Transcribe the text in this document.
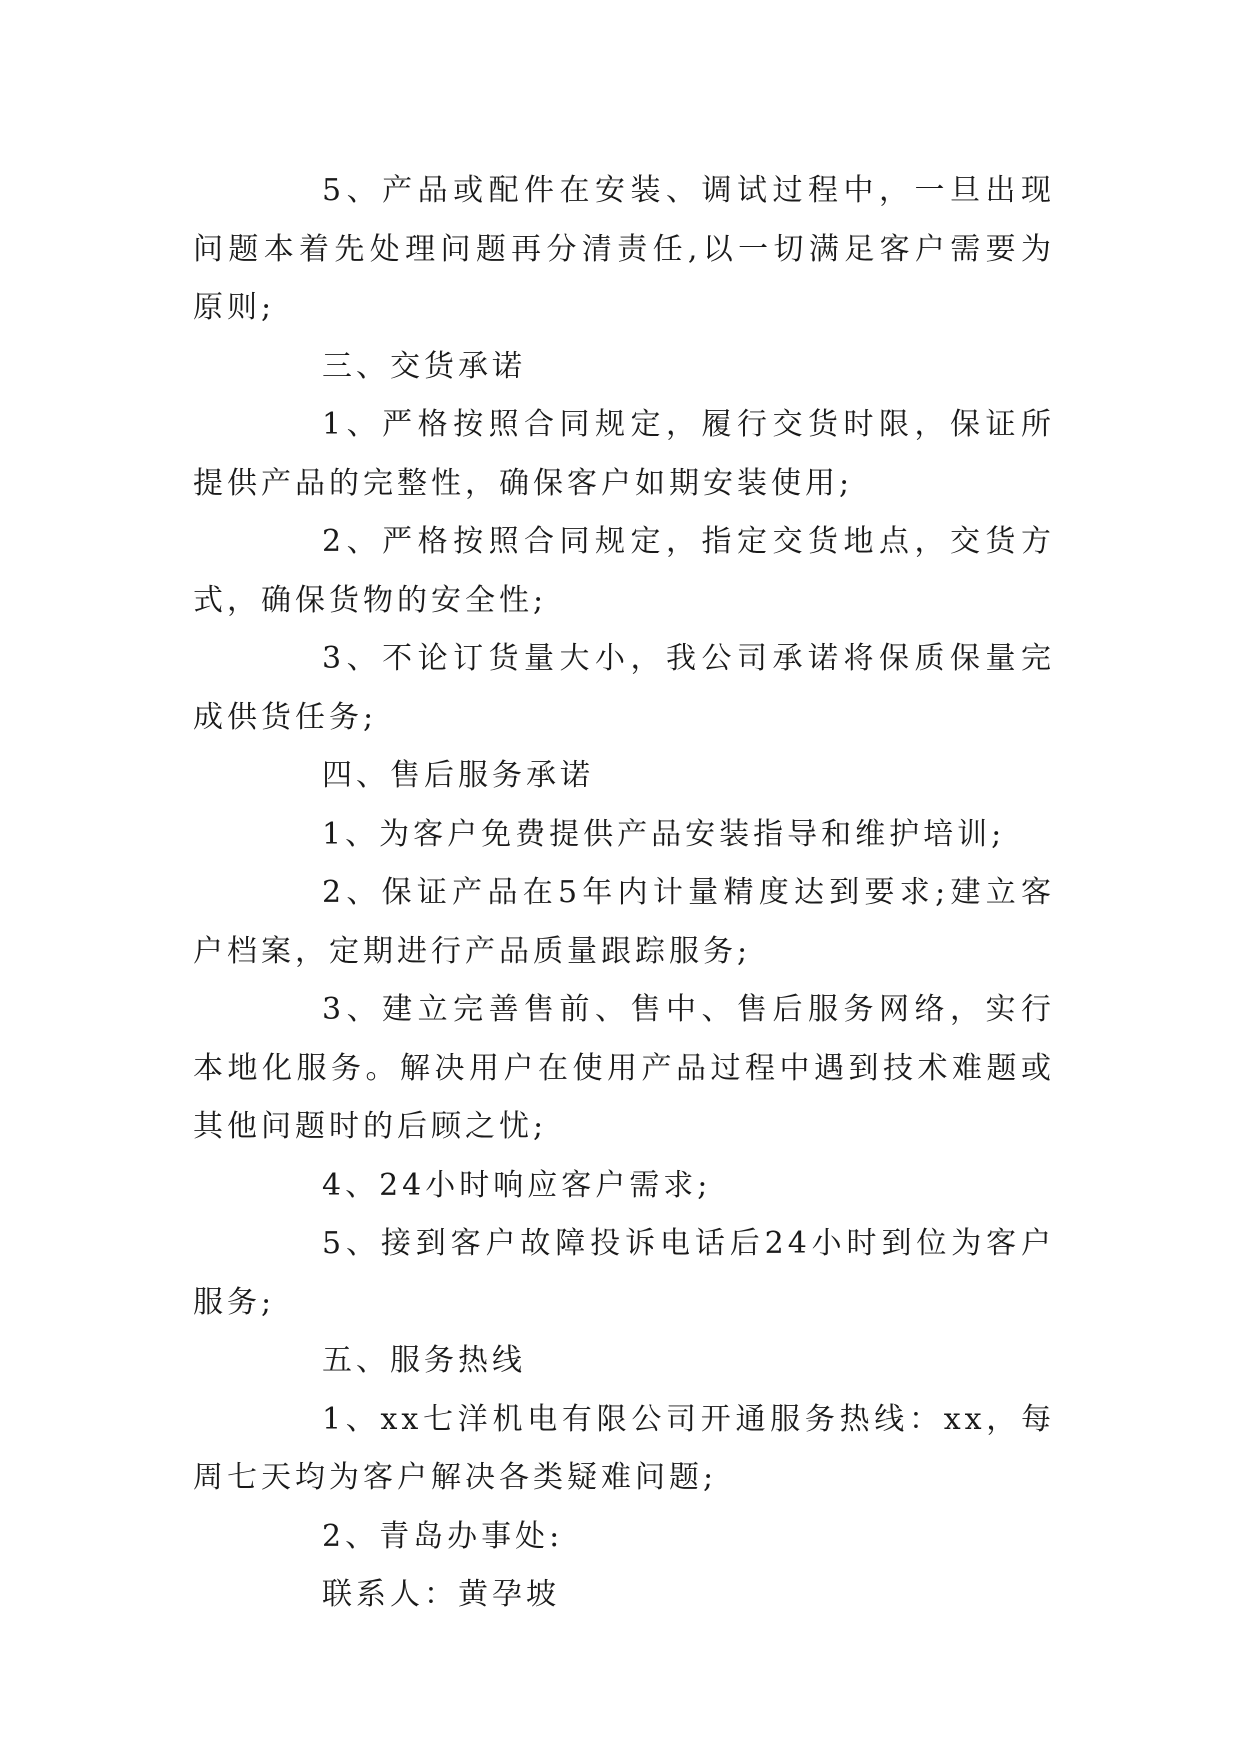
5、产品或配件在安装、调试过程中，一旦出现问题本着先处理问题再分清责任,以一切满足客户需要为原则;

三、交货承诺

1、严格按照合同规定，履行交货时限，保证所提供产品的完整性，确保客户如期安装使用;

2、严格按照合同规定，指定交货地点，交货方式，确保货物的安全性;

3、不论订货量大小，我公司承诺将保质保量完成供货任务;

四、售后服务承诺

1、为客户免费提供产品安装指导和维护培训;

2、保证产品在5年内计量精度达到要求;建立客户档案，定期进行产品质量跟踪服务;

3、建立完善售前、售中、售后服务网络，实行本地化服务。解决用户在使用产品过程中遇到技术难题或其他问题时的后顾之忧;

4、24小时响应客户需求;

5、接到客户故障投诉电话后24小时到位为客户服务;

五、服务热线

1、xx七洋机电有限公司开通服务热线：xx，每周七天均为客户解决各类疑难问题;

2、青岛办事处:

联系人：黄孕坡
